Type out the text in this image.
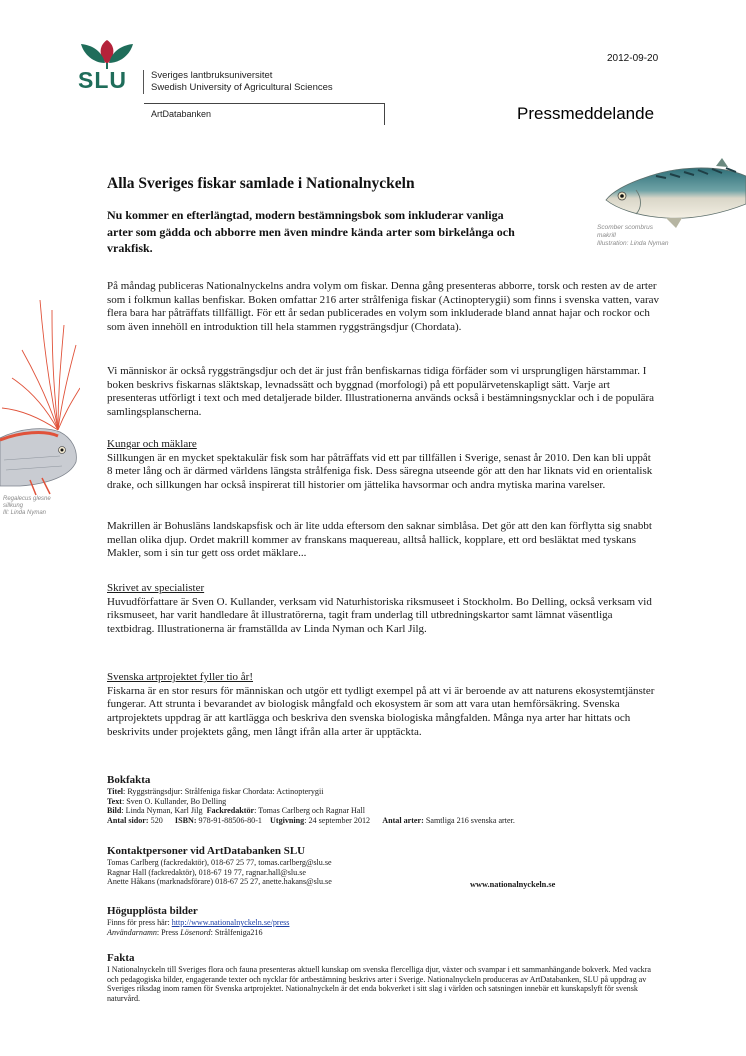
SLU	Sveriges lantbruksuniversitet
Swedish University of Agricultural Sciences
ArtDatabanken
2012-09-20
Pressmeddelande
Scomber scombrus
makrill
Illustration: Linda Nyman
Regalecus glesne
sillkung
Ill: Linda Nyman
Alla Sveriges fiskar samlade i Nationalnyckeln
Nu kommer en efterlängtad, modern bestämningsbok som inkluderar vanliga arter som gädda och abborre men även mindre kända arter som birkelånga och vrakfisk.
På måndag publiceras Nationalnyckelns andra volym om fiskar. Denna gång presenteras abborre, torsk och resten av de arter som i folkmun kallas benfiskar. Boken omfattar 216 arter strålfeniga fiskar (Actinopterygii) som finns i svenska vatten, varav flera bara har påträffats tillfälligt. För ett år sedan publicerades en volym som inkluderade bland annat hajar och rockor och som även innehöll en introduktion till hela stammen ryggsträngsdjur (Chordata).
Vi människor är också ryggsträngsdjur och det är just från benfiskarnas tidiga förfäder som vi ursprungligen härstammar. I boken beskrivs fiskarnas släktskap, levnadssätt och byggnad (morfologi) på ett populärvetenskapligt sätt. Varje art presenteras utförligt i text och med detaljerade bilder. Illustrationerna används också i bestämningsnycklar och i de populära samlingsplanscherna.
Kungar och mäklare
Sillkungen är en mycket spektakulär fisk som har påträffats vid ett par tillfällen i Sverige, senast år 2010. Den kan bli uppåt 8 meter lång och är därmed världens längsta strålfeniga fisk. Dess säregna utseende gör att den har liknats vid en orientalisk drake, och sillkungen har också inspirerat till historier om jättelika havsormar och andra mytiska marina varelser.
Makrillen är Bohusläns landskapsfisk och är lite udda eftersom den saknar simblåsa. Det gör att den kan förflytta sig snabbt mellan olika djup. Ordet makrill kommer av franskans maquereau, alltså hallick, kopplare, ett ord besläktat med tyskans Makler, som i sin tur gett oss ordet mäklare...
Skrivet av specialister
Huvudförfattare är Sven O. Kullander, verksam vid Naturhistoriska riksmuseet i Stockholm. Bo Delling, också verksam vid riksmuseet, har varit handledare åt illustratörerna, tagit fram underlag till utbredningskartor samt lämnat väsentliga textbidrag. Illustrationerna är framställda av Linda Nyman och Karl Jilg.
Svenska artprojektet fyller tio år!
Fiskarna är en stor resurs för människan och utgör ett tydligt exempel på att vi är beroende av att naturens ekosystemtjänster fungerar. Att strunta i bevarandet av biologisk mångfald och ekosystem är som att vara utan hemförsäkring. Svenska artprojektets uppdrag är att kartlägga och beskriva den svenska biologiska mångfalden. Många nya arter har hittats och beskrivits under projektets gång, men långt ifrån alla arter är upptäckta.
Bokfakta
Titel: Ryggsträngsdjur: Strålfeniga fiskar Chordata: Actinopterygii
Text: Sven O. Kullander, Bo Delling
Bild: Linda Nyman, Karl Jilg Fackredaktör: Tomas Carlberg och Ragnar Hall
Antal sidor: 520 ISBN: 978-91-88506-80-1 Utgivning: 24 september 2012 Antal arter: Samtliga 216 svenska arter.
Kontaktpersoner vid ArtDatabanken SLU
Tomas Carlberg (fackredaktör), 018-67 25 77, tomas.carlberg@slu.se
Ragnar Hall (fackredaktör), 018-67 19 77, ragnar.hall@slu.se
Anette Håkans (marknadsförare) 018-67 25 27, anette.hakans@slu.se	www.nationalnyckeln.se
Högupplösta bilder
Finns för press här: http://www.nationalnyckeln.se/press
Användarnamn: Press Lösenord: Strålfeniga216
Fakta
I Nationalnyckeln till Sveriges flora och fauna presenteras aktuell kunskap om svenska flercelliga djur, växter och svampar i ett sammanhängande bokverk. Med vackra och pedagogiska bilder, engagerande texter och nycklar för artbestämning beskrivs arter i Sverige. Nationalnyckeln produceras av ArtDatabanken, SLU på uppdrag av Sveriges riksdag inom ramen för Svenska artprojektet. Nationalnyckeln är det enda bokverket i sitt slag i världen och satsningen innebär ett kunskapslyft för svensk naturvård.
